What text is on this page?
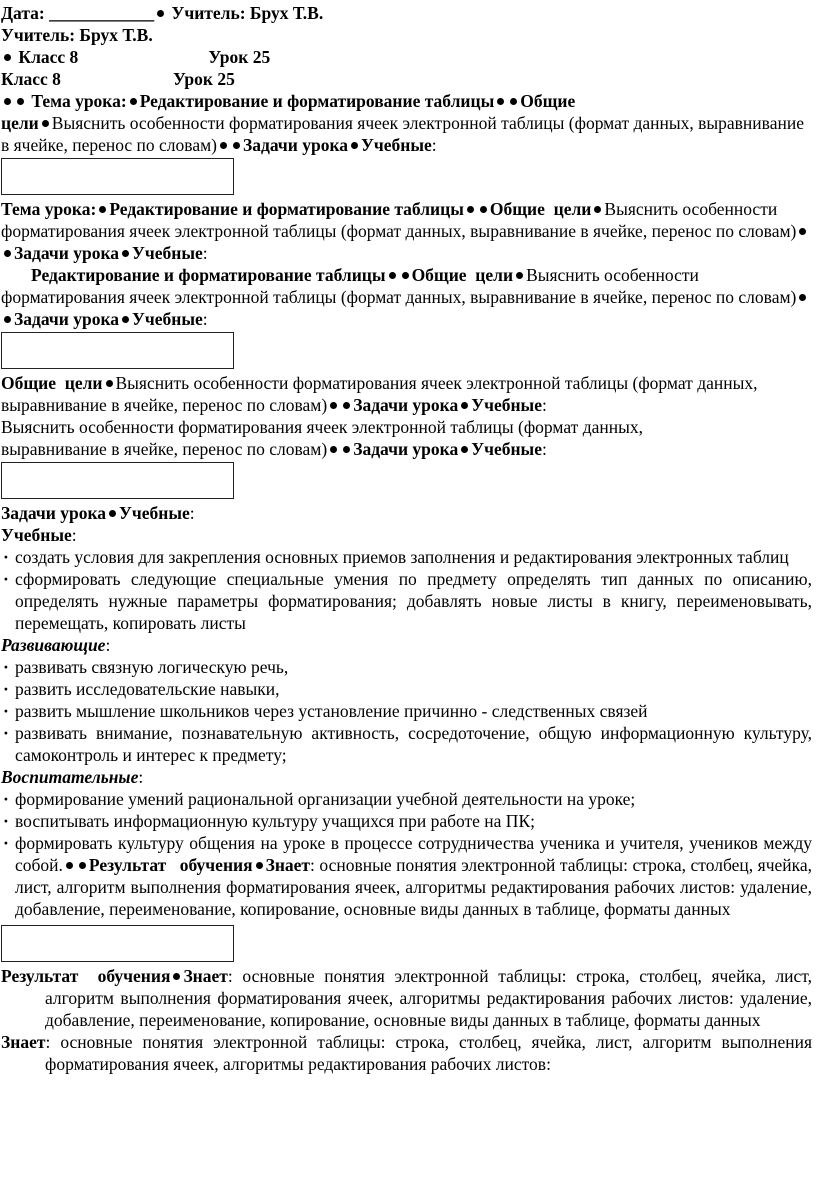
Дата: ____________ Учитель: Брух Т.В.

Учитель: Брух Т.В.

Класс 8	Урок 25

Класс 8	Урок 25

Тема урока: Редактирование и форматирование таблицы Общие

цели Выяснить особенности форматирования ячеек электронной таблицы (формат данных, выравнивание в ячейке, перенос по словам) Задачи урока Учебные:

Тема урока: Редактирование и форматирование таблицы Общие  цели Выяснить особенности форматирования ячеек электронной таблицы (формат данных, выравнивание в ячейке, перенос по словам)Задачи урока Учебные:

Редактирование и форматирование таблицы Общие  цели Выяснить особенности форматирования ячеек электронной таблицы (формат данных, выравнивание в ячейке, перенос по словам)Задачи урока Учебные:

Общие  цели Выяснить особенности форматирования ячеек электронной таблицы (формат данных, выравнивание в ячейке, перенос по словам) Задачи урока Учебные:

Выяснить особенности форматирования ячеек электронной таблицы (формат данных,
выравнивание в ячейке, перенос по словам) Задачи урока Учебные:

Задачи урока Учебные:

Учебные:

· создать условия для закрепления основных приемов заполнения и редактирования электронных таблиц
· сформировать следующие специальные умения по предмету определять тип данных по описанию, определять нужные параметры форматирования; добавлять новые листы в книгу, переименовывать, перемещать, копировать листы

Развивающие:

· развивать связную логическую речь,
· развить исследовательские навыки,
· развить мышление школьников через установление причинно - следственных связей
· развивать внимание, познавательную активность, сосредоточение, общую информационную культуру, самоконтроль и интерес к предмету;

Воспитательные:

· формирование умений рациональной организации учебной деятельности на уроке;
· воспитывать информационную культуру учащихся при работе на ПК;
· формировать культуру общения на уроке в процессе сотрудничества ученика и учителя, учеников между собой. Результат   обучения Знает: основные понятия электронной таблицы: строка, столбец, ячейка, лист, алгоритм выполнения форматирования ячеек, алгоритмы редактирования рабочих листов: удаление, добавление, переименование, копирование, основные виды данных в таблице, форматы данных

Результат  обучения Знает: основные понятия электронной таблицы: строка, столбец, ячейка, лист, алгоритм выполнения форматирования ячеек, алгоритмы редактирования рабочих листов: удаление, добавление, переименование, копирование, основные виды данных в таблице, форматы данных

Знает: основные понятия электронной таблицы: строка, столбец, ячейка, лист, алгоритм выполнения форматирования ячеек, алгоритмы редактирования рабочих листов:
